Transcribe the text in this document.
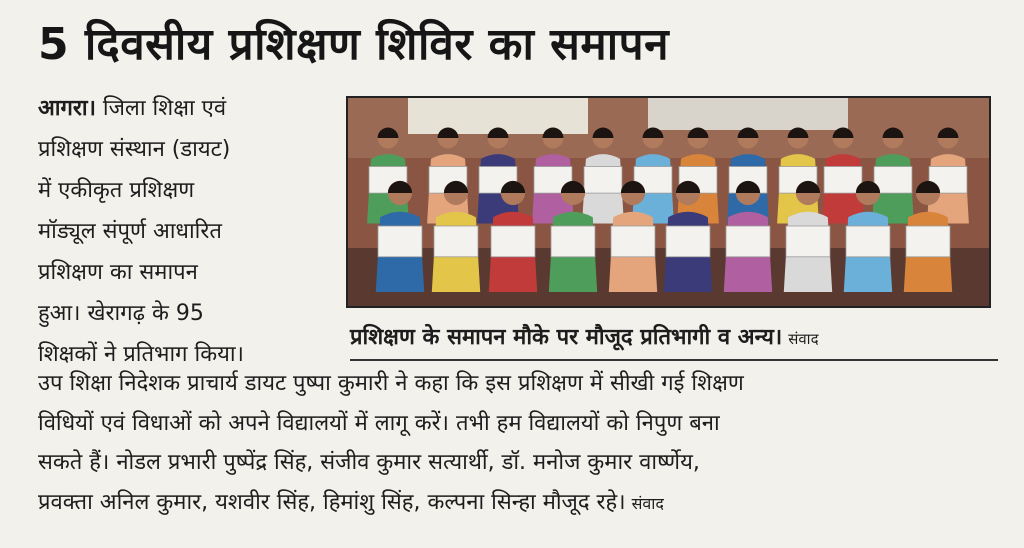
5 दिवसीय प्रशिक्षण शिविर का समापन
आगरा। जिला शिक्षा एवं
प्रशिक्षण संस्थान (डायट)
में एकीकृत प्रशिक्षण
मॉड्यूल संपूर्ण आधारित
प्रशिक्षण का समापन
हुआ। खेरागढ़ के 95
शिक्षकों ने प्रतिभाग किया।
प्रशिक्षण के समापन मौके पर मौजूद प्रतिभागी व अन्य। संवाद
उप शिक्षा निदेशक प्राचार्य डायट पुष्पा कुमारी ने कहा कि इस प्रशिक्षण में सीखी गई शिक्षण
विधियों एवं विधाओं को अपने विद्यालयों में लागू करें। तभी हम विद्यालयों को निपुण बना
सकते हैं। नोडल प्रभारी पुष्पेंद्र सिंह, संजीव कुमार सत्यार्थी, डॉ. मनोज कुमार वार्ष्णेय,
प्रवक्ता अनिल कुमार, यशवीर सिंह, हिमांशु सिंह, कल्पना सिन्हा मौजूद रहे। संवाद
